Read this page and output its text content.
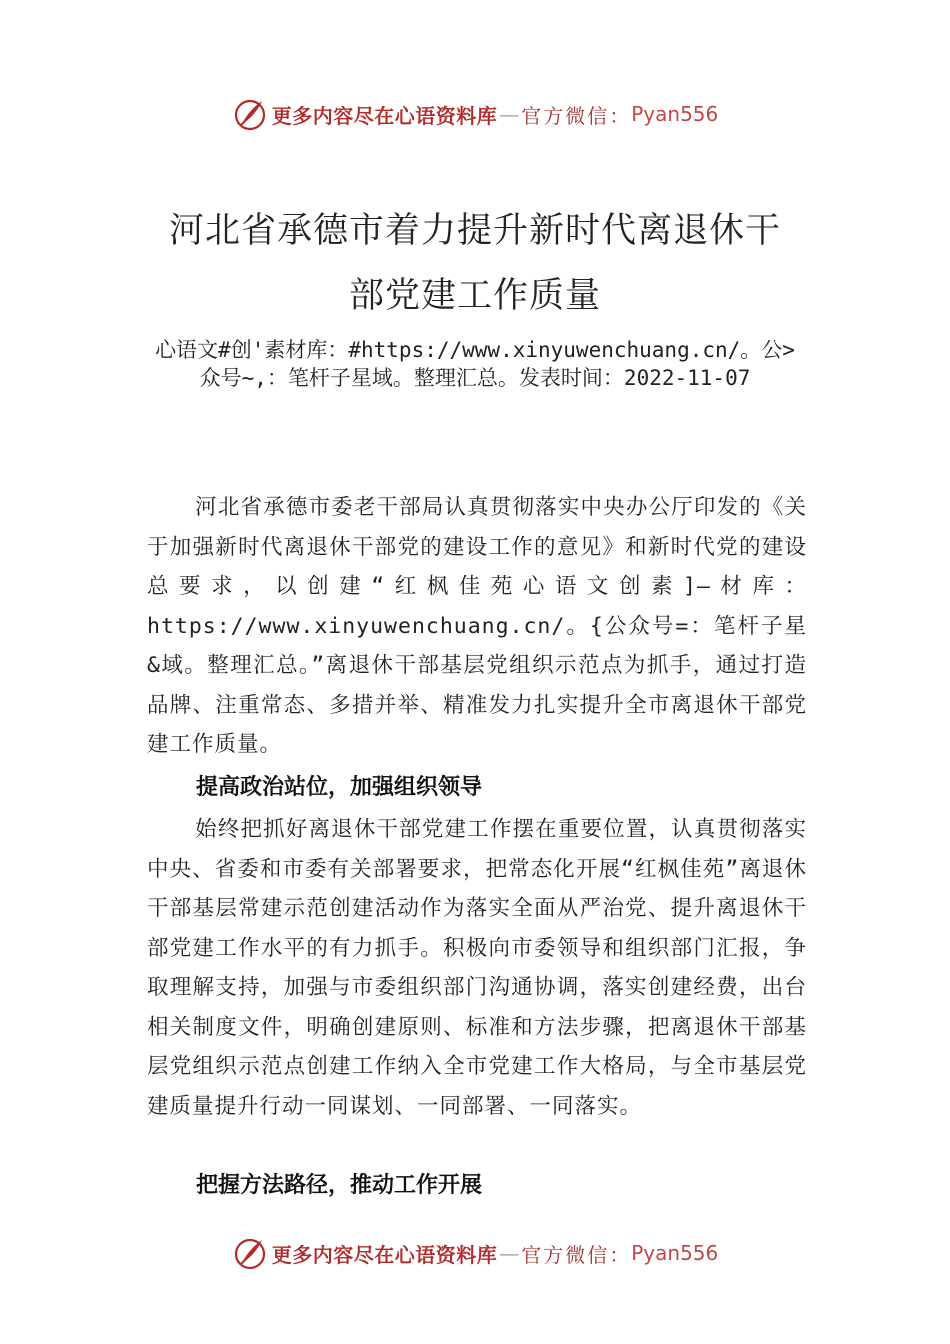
更多内容尽在心语资料库 — 官方微信： Pyan556
河北省承德市着力提升新时代离退休干
部党建工作质量
心语文#创'素材库：#https://www.xinyuwenchuang.cn/。公>众号~,：笔杆子星域。整理汇总。发表时间：2022-11-07

河北省承德市委老干部局认真贯彻落实中央办公厅印发的《关于加强新时代离退休干部党的建设工作的意见》和新时代党的建设总要求，以创建“红枫佳苑心语文创素]—材库：https://www.xinyuwenchuang.cn/。{公众号=：笔杆子星&域。整理汇总。”离退休干部基层党组织示范点为抓手，通过打造品牌、注重常态、多措并举、精准发力扎实提升全市离退休干部党建工作质量。

提高政治站位，加强组织领导

始终把抓好离退休干部党建工作摆在重要位置，认真贯彻落实中央、省委和市委有关部署要求，把常态化开展“红枫佳苑”离退休干部基层常建示范创建活动作为落实全面从严治党、提升离退休干部党建工作水平的有力抓手。积极向市委领导和组织部门汇报，争取理解支持，加强与市委组织部门沟通协调，落实创建经费，出台相关制度文件，明确创建原则、标准和方法步骤，把离退休干部基层党组织示范点创建工作纳入全市党建工作大格局，与全市基层党建质量提升行动一同谋划、一同部署、一同落实。

把握方法路径，推动工作开展
更多内容尽在心语资料库 — 官方微信： Pyan556
